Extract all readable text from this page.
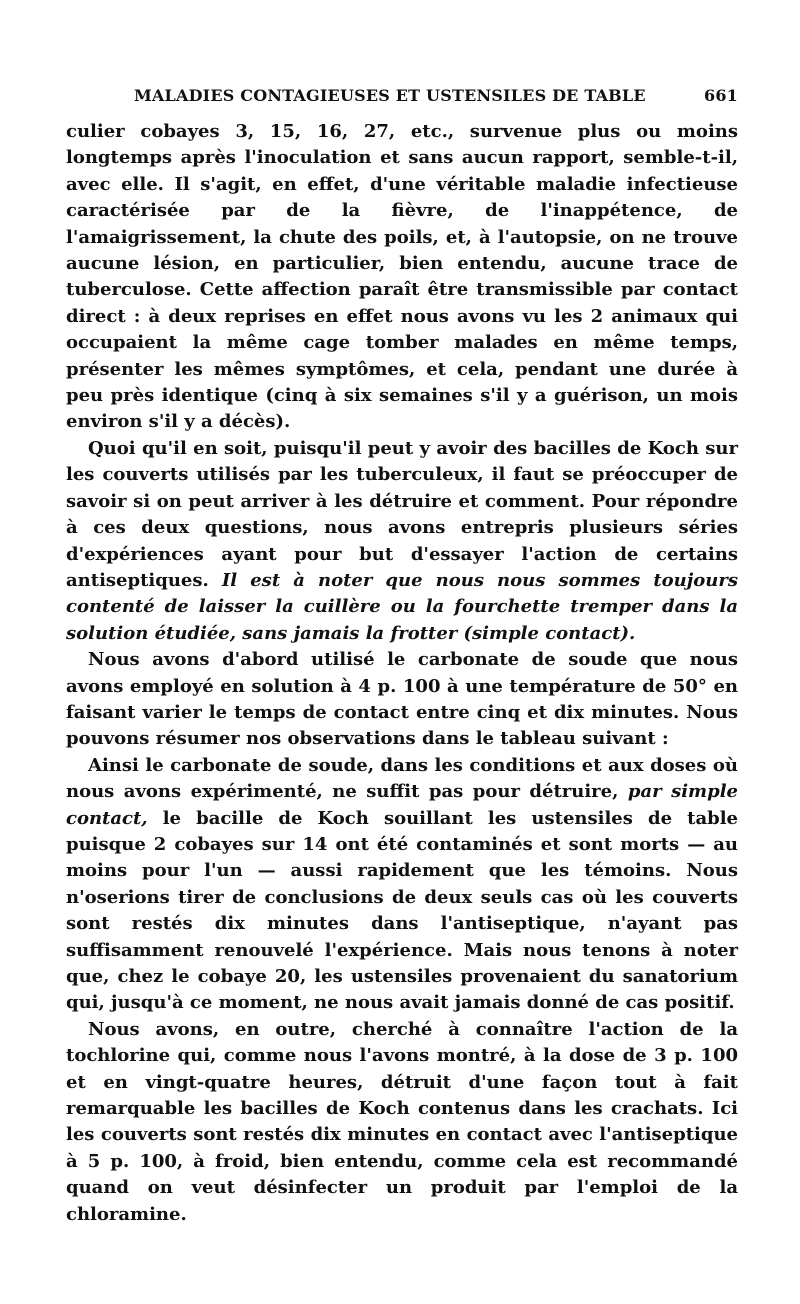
MALADIES CONTAGIEUSES ET USTENSILES DE TABLE	661

culier cobayes 3, 15, 16, 27, etc., survenue plus ou moins longtemps après l'inoculation et sans aucun rapport, semble-t-il, avec elle. Il s'agit, en effet, d'une véritable maladie infectieuse caractérisée par de la fièvre, de l'inappétence, de l'amaigrissement, la chute des poils, et, à l'autopsie, on ne trouve aucune lésion, en particulier, bien entendu, aucune trace de tuberculose. Cette affection paraît être transmissible par contact direct : à deux reprises en effet nous avons vu les 2 animaux qui occupaient la même cage tomber malades en même temps, présenter les mêmes symptômes, et cela, pendant une durée à peu près identique (cinq à six semaines s'il y a guérison, un mois environ s'il y a décès).

Quoi qu'il en soit, puisqu'il peut y avoir des bacilles de Koch sur les couverts utilisés par les tuberculeux, il faut se préoccuper de savoir si on peut arriver à les détruire et comment. Pour répondre à ces deux questions, nous avons entrepris plusieurs séries d'expériences ayant pour but d'essayer l'action de certains antiseptiques. Il est à noter que nous nous sommes toujours contenté de laisser la cuillère ou la fourchette tremper dans la solution étudiée, sans jamais la frotter (simple contact).

Nous avons d'abord utilisé le carbonate de soude que nous avons employé en solution à 4 p. 100 à une température de 50° en faisant varier le temps de contact entre cinq et dix minutes. Nous pouvons résumer nos observations dans le tableau suivant :

Ainsi le carbonate de soude, dans les conditions et aux doses où nous avons expérimenté, ne suffit pas pour détruire, par simple contact, le bacille de Koch souillant les ustensiles de table puisque 2 cobayes sur 14 ont été contaminés et sont morts — au moins pour l'un — aussi rapidement que les témoins. Nous n'oserions tirer de conclusions de deux seuls cas où les couverts sont restés dix minutes dans l'antiseptique, n'ayant pas suffisamment renouvelé l'expérience. Mais nous tenons à noter que, chez le cobaye 20, les ustensiles provenaient du sanatorium qui, jusqu'à ce moment, ne nous avait jamais donné de cas positif.

Nous avons, en outre, cherché à connaître l'action de la tochlorine qui, comme nous l'avons montré, à la dose de 3 p. 100 et en vingt-quatre heures, détruit d'une façon tout à fait remarquable les bacilles de Koch contenus dans les crachats. Ici les couverts sont restés dix minutes en contact avec l'antiseptique à 5 p. 100, à froid, bien entendu, comme cela est recommandé quand on veut désinfecter un produit par l'emploi de la chloramine.
